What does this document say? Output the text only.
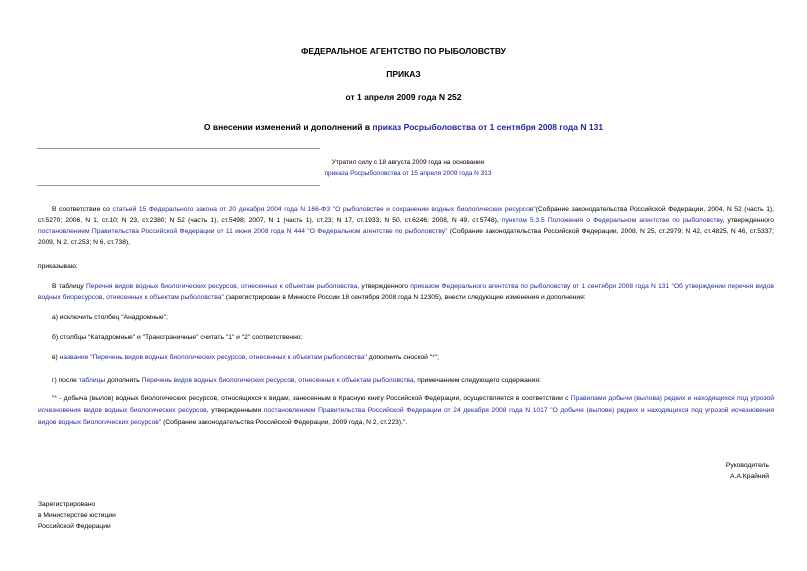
ФЕДЕРАЛЬНОЕ АГЕНТСТВО ПО РЫБОЛОВСТВУ
ПРИКАЗ
от 1 апреля 2009 года N 252
О внесении изменений и дополнений в приказ Росрыболовства от 1 сентября 2008 года N 131
Утратил силу с 18 августа 2009 года на основании
приказа Росрыболовства от 15 апреля 2009 года N 313
В соответствии со статьей 15 Федерального закона от 20 декабря 2004 года N 166-ФЗ "О рыболовстве и сохранении водных биологических ресурсов"(Собрание законодательства Российской Федерации, 2004, N 52 (часть 1), ст.5270; 2006, N 1, ст.10; N 23, ст.2380; N 52 (часть 1), ст.5498; 2007, N 1 (часть 1), ст.23; N 17, ст.1933; N 50, ст.6246; 2008, N 49, ст.5748), пунктом 5.3.5 Положения о Федеральном агентстве по рыболовству, утвержденного постановлением Правительства Российской Федерации от 11 июня 2008 года N 444 "О Федеральном агентстве по рыболовству" (Собрание законодательства Российской Федерации, 2008, N 25, ст.2979; N 42, ст.4825, N 46, ст.5337; 2009, N 2, ст.253; N 6, ст.738),
приказываю:
В таблицу Перечня видов водных биологических ресурсов, отнесенных к объектам рыболовства, утвержденного приказом Федерального агентства по рыболовству от 1 сентября 2008 года N 131 "Об утверждении перечня видов водных биоресурсов, отнесенных к объектам рыболовства" (зарегистрирован в Минюсте России 18 сентября 2008 года N 12305), внести следующие изменения и дополнения:
а) исключить столбец "Анадромные";
б) столбцы "Катадромные" и "Трансграничные" считать "1" и "2" соответственно;
в) название "Перечень видов водных биологических ресурсов, отнесенных к объектам рыболовства" дополнить сноской "*";
г) после таблицы дополнить Перечень видов водных биологических ресурсов, отнесенных к объектам рыболовства, примечанием следующего содержания:
"* - добыча (вылов) водных биологических ресурсов, относящихся к видам, занесенным в Красную книгу Российской Федерации, осуществляется в соответствии с Правилами добычи (вылова) редких и находящихся под угрозой исчезновения видов водных биологических ресурсов, утвержденными постановлением Правительства Российской Федерации от 24 декабря 2008 года N 1017 "О добыче (вылове) редких и находящихся под угрозой исчезновения видов водных биологических ресурсов" (Собрание законодательства Российской Федерации, 2009 года, N 2, ст.223).".
Руководитель
А.А.Крайний
Зарегистрировано
в Министерстве юстиции
Российской Федерации
